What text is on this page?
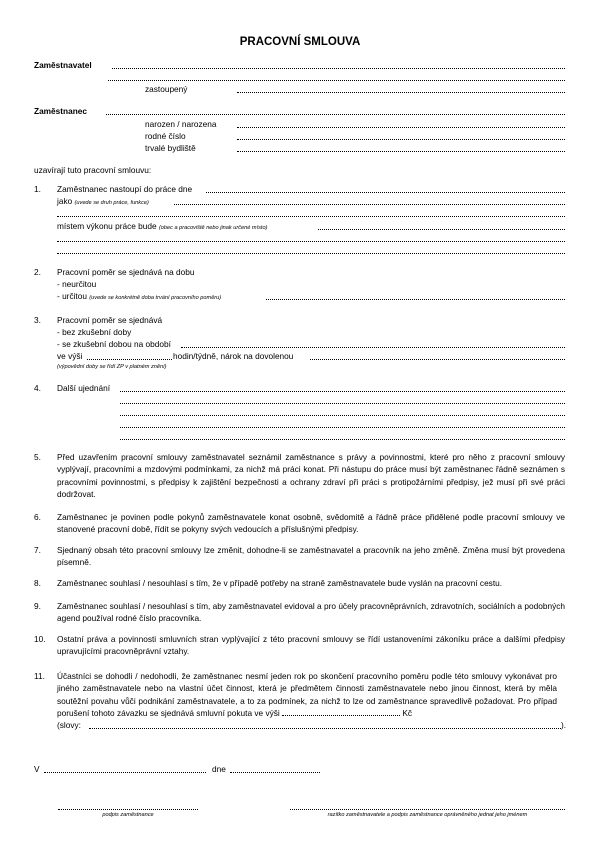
PRACOVNÍ SMLOUVA
Zaměstnavatel
zastoupený
Zaměstnanec
narozen / narozena
rodné číslo
trvalé bydliště
uzavírají tuto pracovní smlouvu:
1. Zaměstnanec nastoupí do práce dne
jako (uvede se druh práce, funkce)
místem výkonu práce bude (obec a pracoviště nebo jinak určené místo)
2. Pracovní poměr se sjednává na dobu
- neurčitou
- určitou (uvede se konkrétně doba trvání pracovního poměru)
3. Pracovní poměr se sjednává
- bez zkušební doby
- se zkušební dobou na období
ve výši	hodin/týdně, nárok na dovolenou
(výpovědní doby se řídí ZP v platném znění)
4. Další ujednání
5. Před uzavřením pracovní smlouvy zaměstnavatel seznámil zaměstnance s právy a povinnostmi, které pro něho z pracovní smlouvy vyplývají, pracovními a mzdovými podmínkami, za nichž má práci konat. Při nástupu do práce musí být zaměstnanec řádně seznámen s pracovními povinnostmi, s předpisy k zajištění bezpečnosti a ochrany zdraví při práci s protipožárními předpisy, jež musí při své práci dodržovat.
6. Zaměstnanec je povinen podle pokynů zaměstnavatele konat osobně, svědomitě a řádně práce přidělené podle pracovní smlouvy ve stanovené pracovní době, řídit se pokyny svých vedoucích a příslušnými předpisy.
7. Sjednaný obsah této pracovní smlouvy lze změnit, dohodne-li se zaměstnavatel a pracovník na jeho změně. Změna musí být provedena písemně.
8. Zaměstnanec souhlasí / nesouhlasí s tím, že v případě potřeby na straně zaměstnavatele bude vyslán na pracovní cestu.
9. Zaměstnanec souhlasí / nesouhlasí s tím, aby zaměstnavatel evidoval a pro účely pracovněprávních, zdravotních, sociálních a podobných agend používal rodné číslo pracovníka.
10. Ostatní práva a povinnosti smluvních stran vyplývající z této pracovní smlouvy se řídí ustanoveními zákoníku práce a dalšími předpisy upravujícími pracovněprávní vztahy.
11. Účastníci se dohodli / nedohodli, že zaměstnanec nesmí jeden rok po skončení pracovního poměru podle této smlouvy vykonávat pro jiného zaměstnavatele nebo na vlastní účet činnost, která je předmětem činnosti zaměstnavatele nebo jinou činnost, která by měla soutěžní povahu vůči podnikání zaměstnavatele, a to za podmínek, za nichž to lze od zaměstnance spravedlivě požadovat. Pro případ porušení tohoto závazku se sjednává smluvní pokuta ve výši	Kč
(slovy:	).
V	dne
podpis zaměstnance	razítko zaměstnavatele a podpis zaměstnance oprávněného jednat jeho jménem
